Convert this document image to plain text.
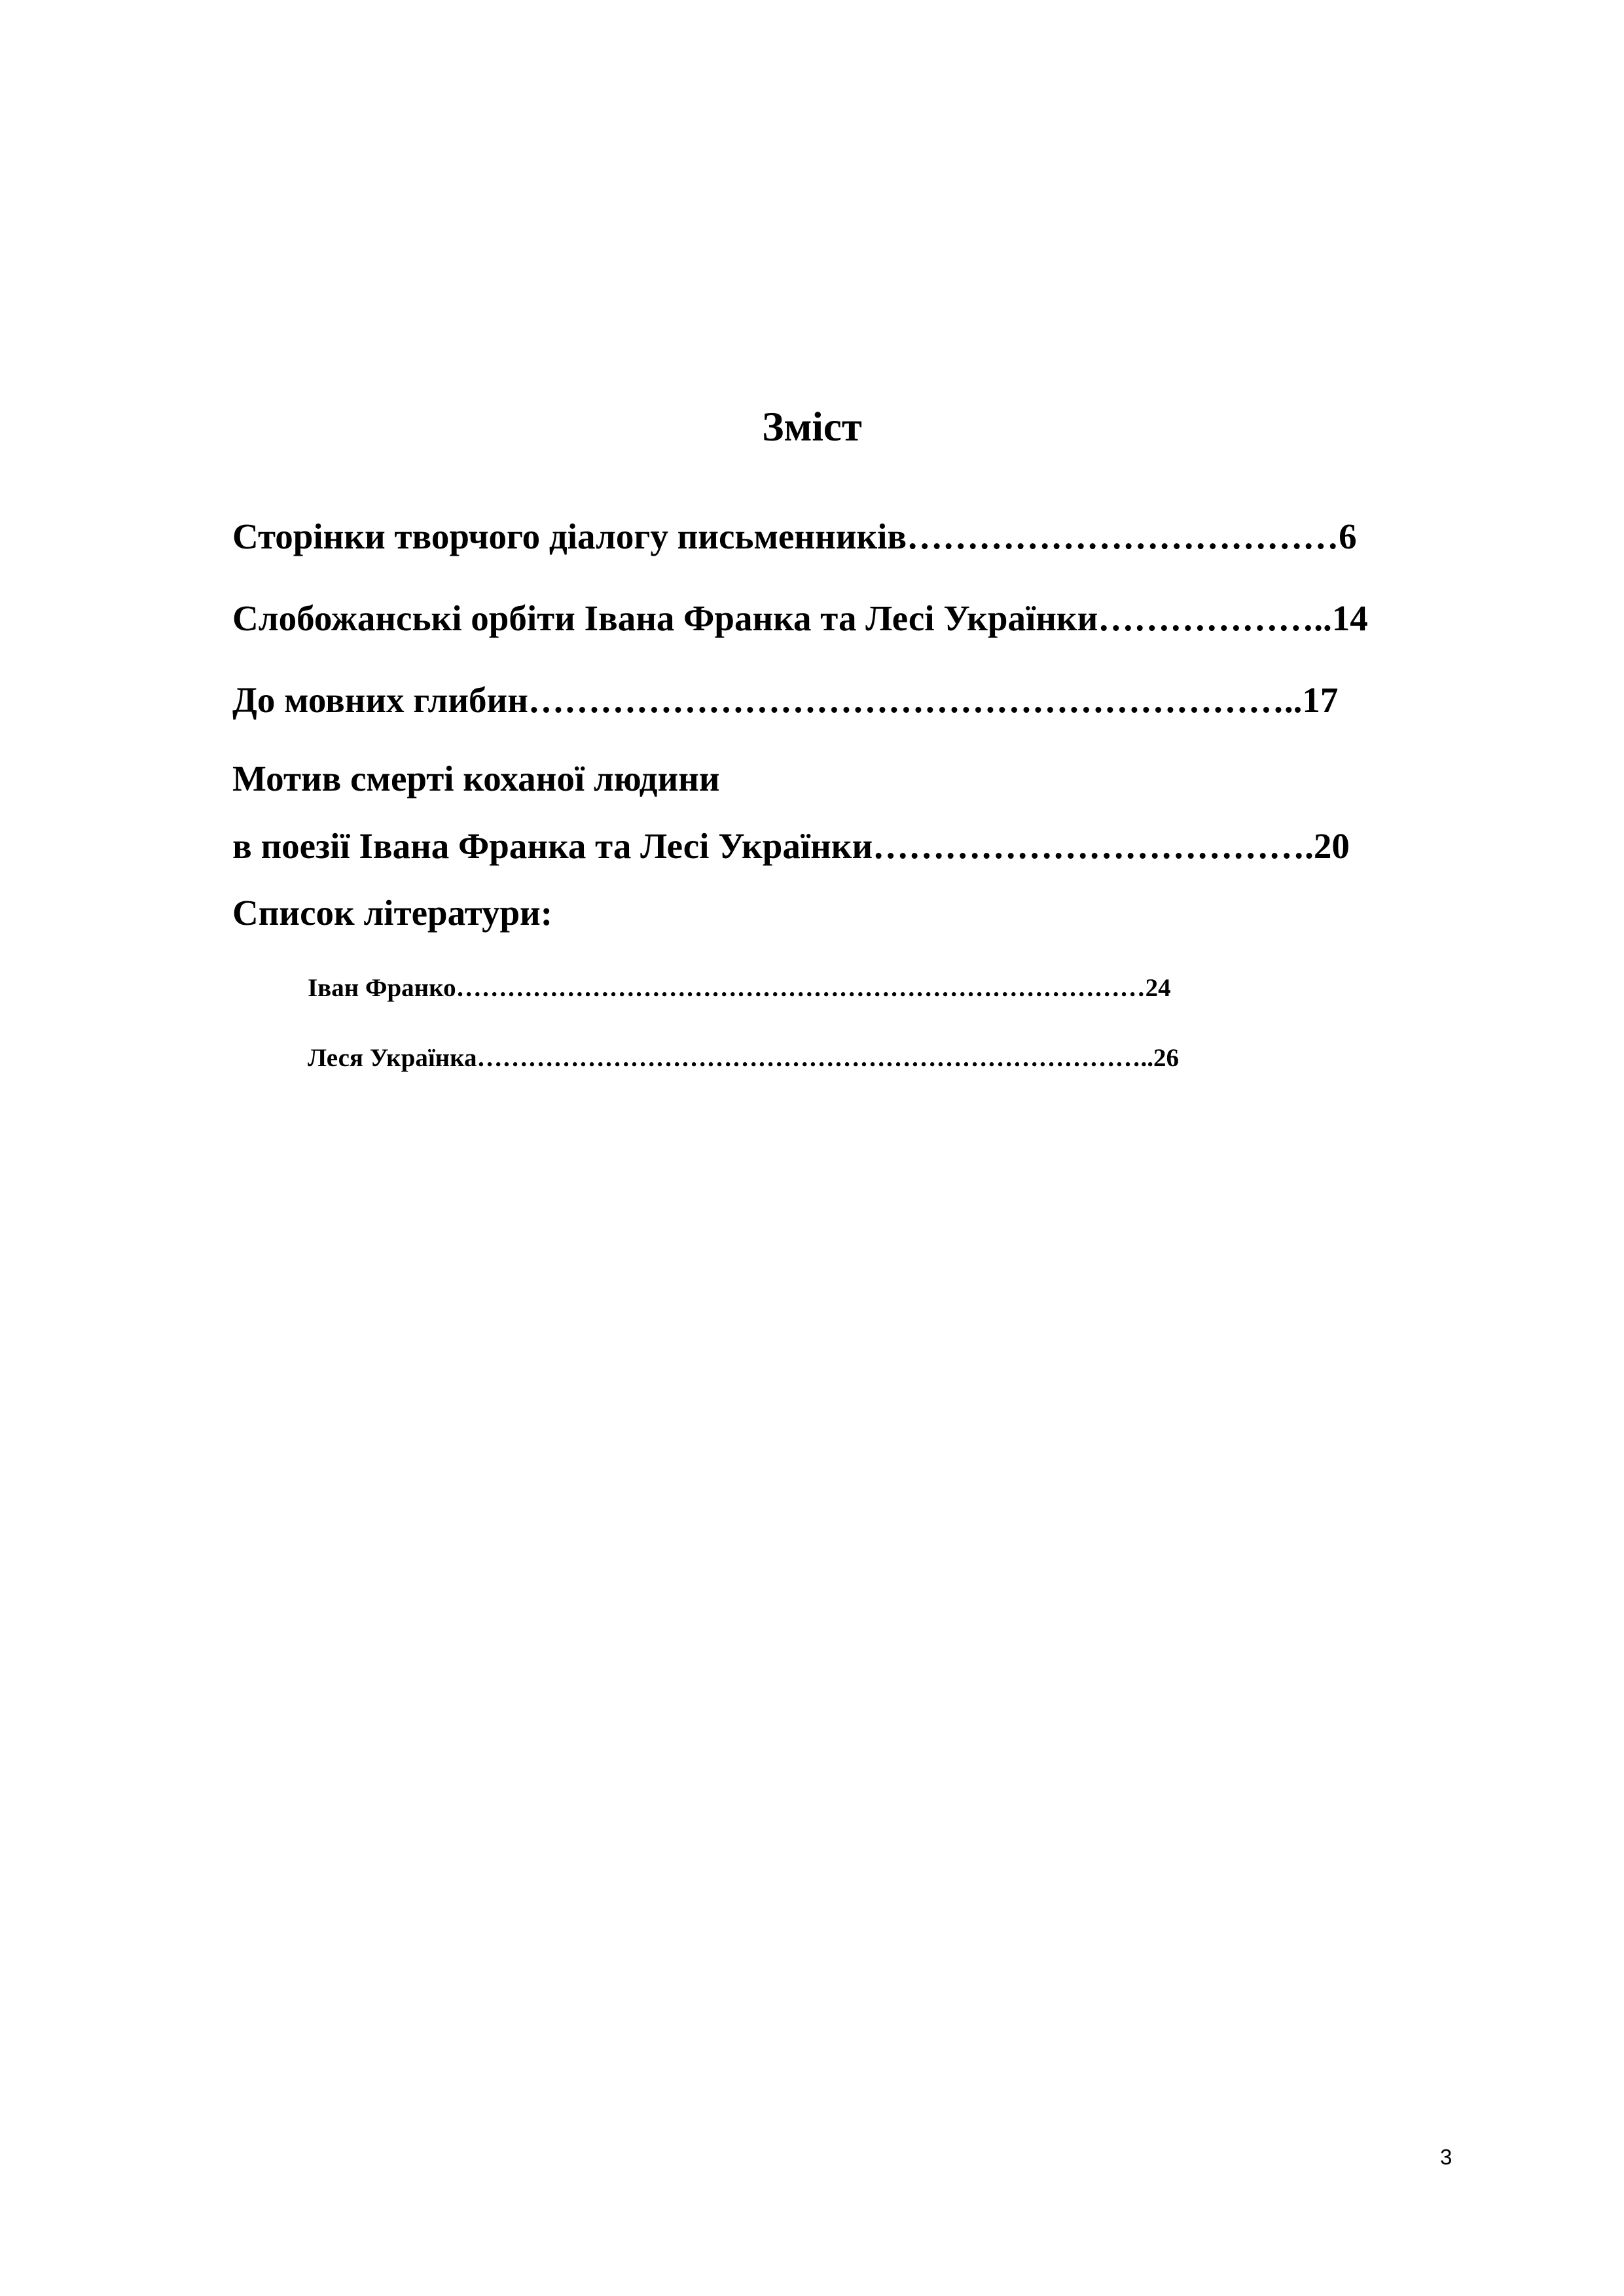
Зміст

Сторінки творчого діалогу письменників………………………………6

Слобожанські орбіти Івана Франка та Лесі Українки………………..14

До мовних глибин………………………………………………………..17

Мотив смерті коханої людини

в поезії Івана Франка та Лесі Українки……………………………….20

Список літератури:

Іван Франко………………………………………………………………………24

Леся Українка……………………………………………………………………..26

3
